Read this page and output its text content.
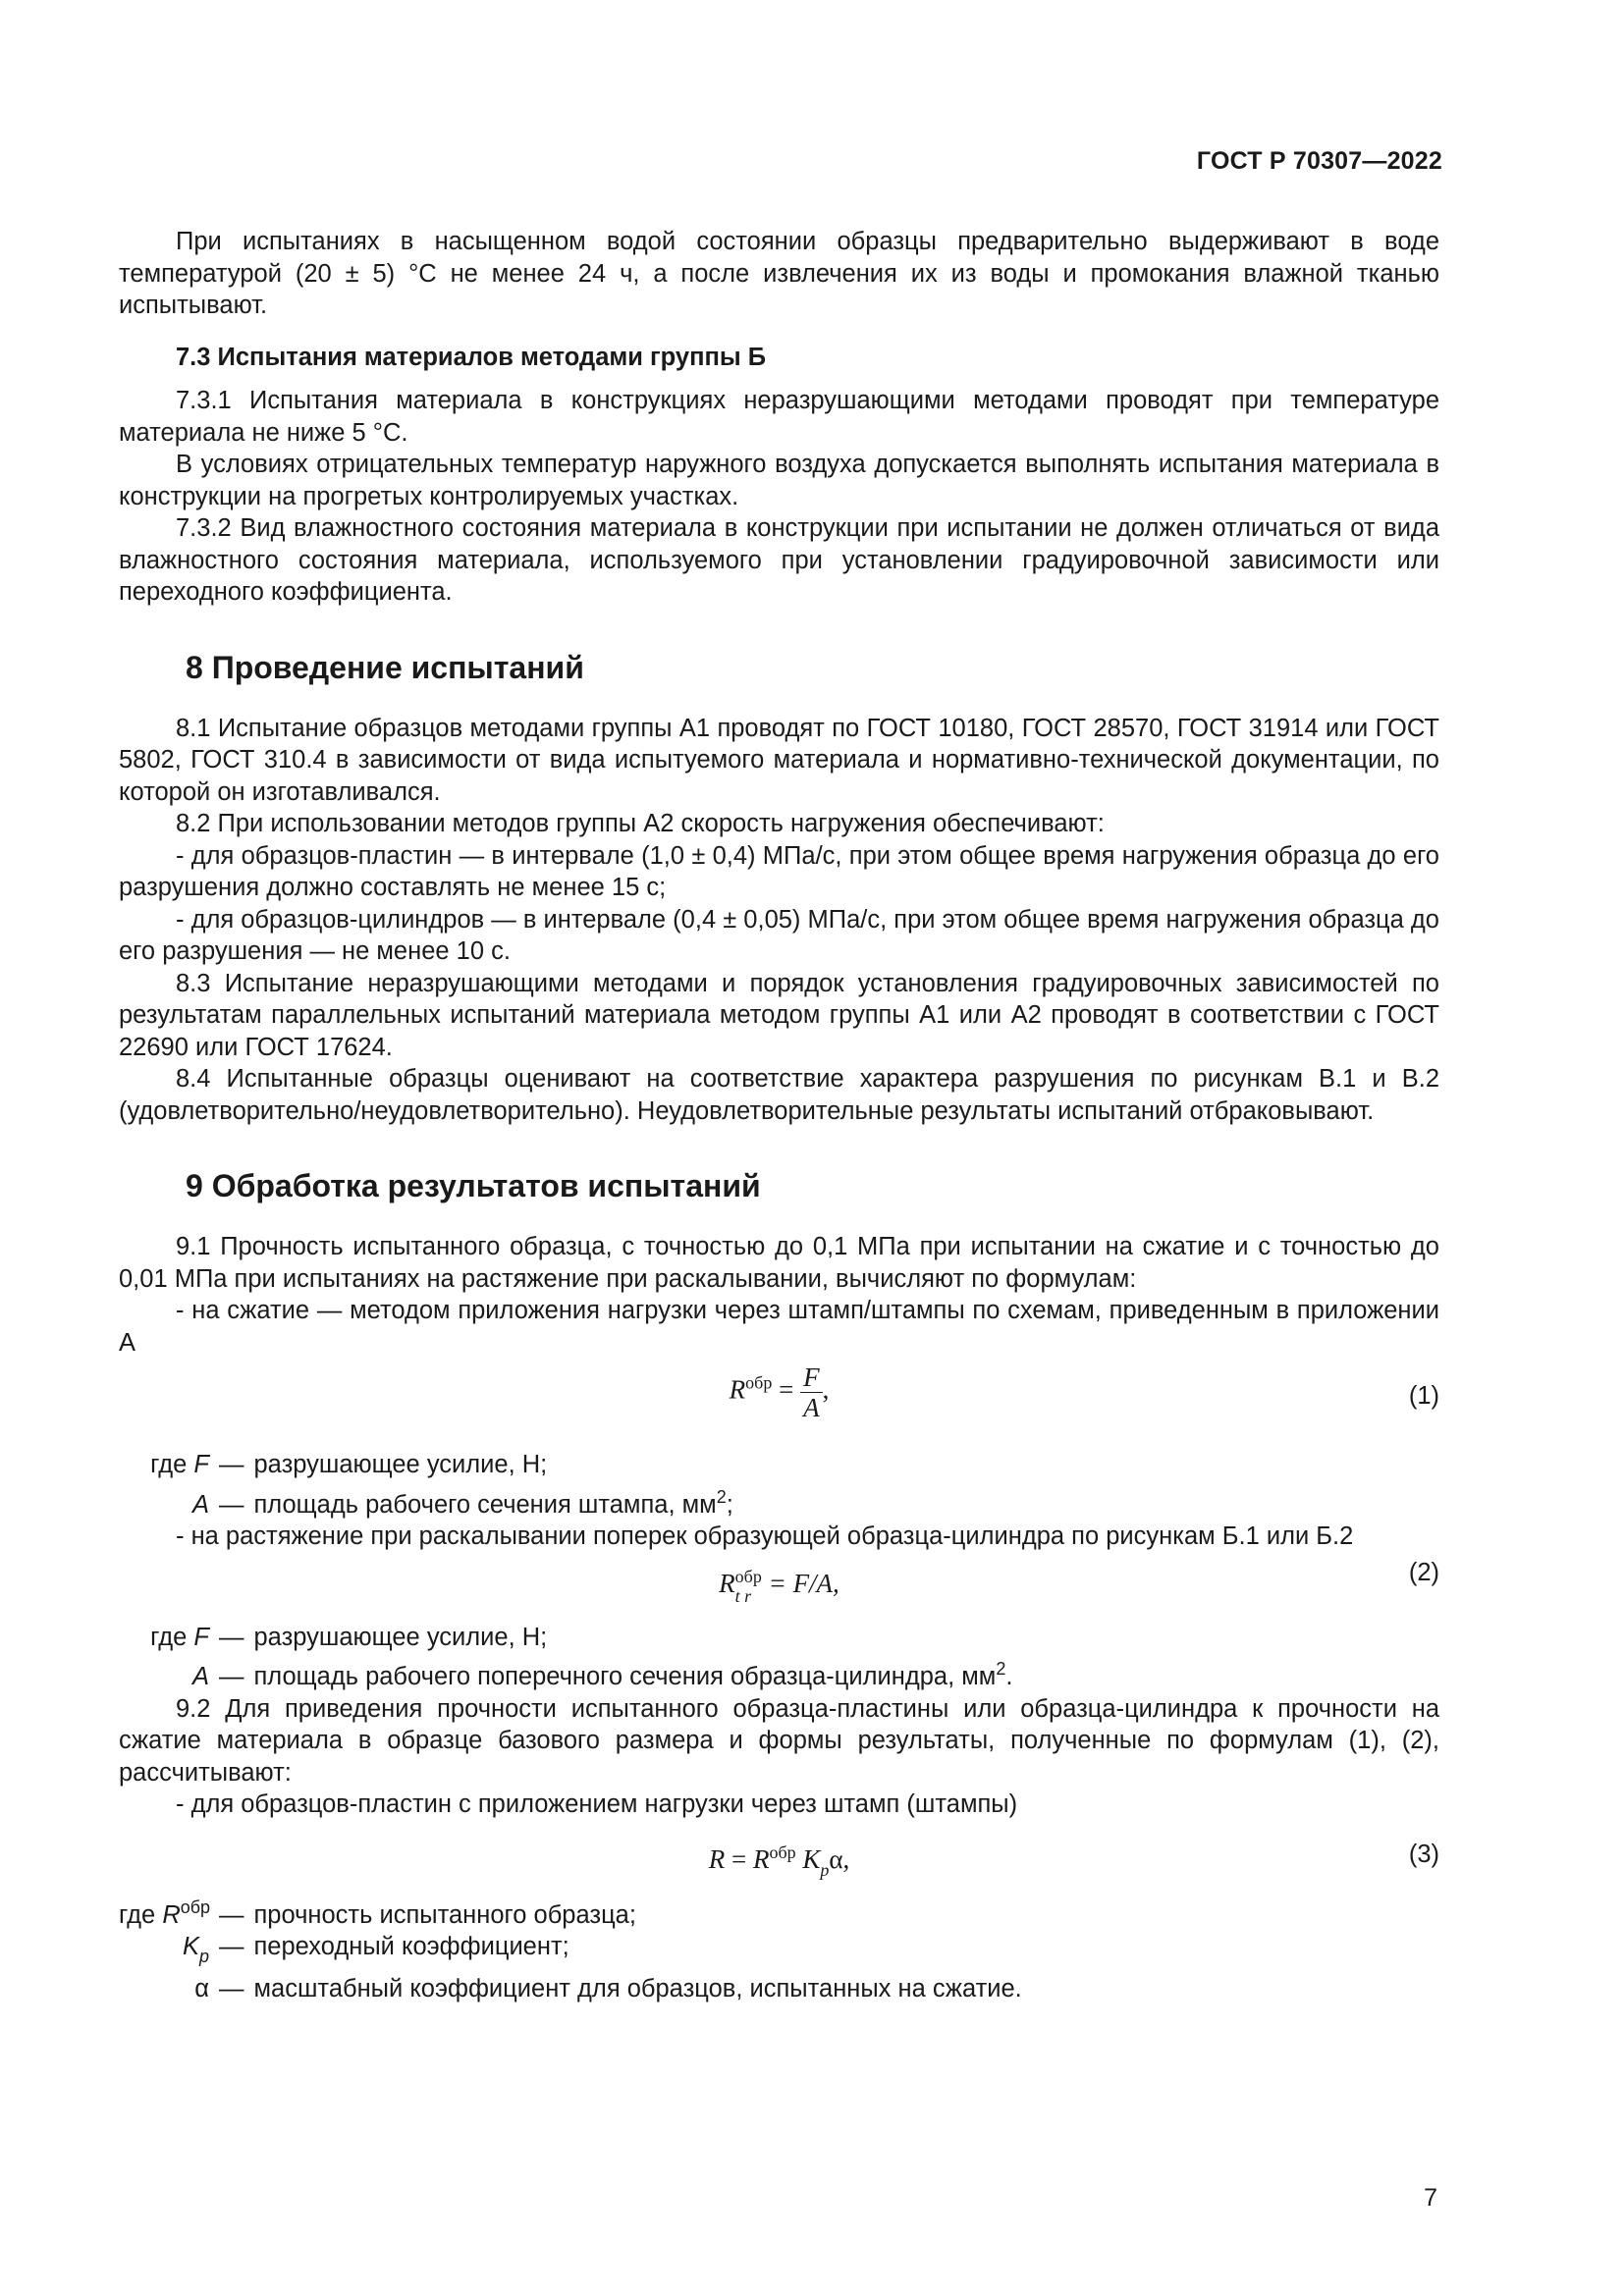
ГОСТ Р 70307—2022

При испытаниях в насыщенном водой состоянии образцы предварительно выдерживают в воде температурой (20 ± 5) °С не менее 24 ч, а после извлечения их из воды и промокания влажной тканью испытывают.

7.3 Испытания материалов методами группы Б

7.3.1 Испытания материала в конструкциях неразрушающими методами проводят при температуре материала не ниже 5 °С.

В условиях отрицательных температур наружного воздуха допускается выполнять испытания материала в конструкции на прогретых контролируемых участках.

7.3.2 Вид влажностного состояния материала в конструкции при испытании не должен отличаться от вида влажностного состояния материала, используемого при установлении градуировочной зависимости или переходного коэффициента.

8 Проведение испытаний

8.1 Испытание образцов методами группы А1 проводят по ГОСТ 10180, ГОСТ 28570, ГОСТ 31914 или ГОСТ 5802, ГОСТ 310.4 в зависимости от вида испытуемого материала и нормативно-технической документации, по которой он изготавливался.

8.2 При использовании методов группы А2 скорость нагружения обеспечивают:

- для образцов-пластин — в интервале (1,0 ± 0,4) МПа/с, при этом общее время нагружения образца до его разрушения должно составлять не менее 15 с;

- для образцов-цилиндров — в интервале (0,4 ± 0,05) МПа/с, при этом общее время нагружения образца до его разрушения — не менее 10 с.

8.3 Испытание неразрушающими методами и порядок установления градуировочных зависимостей по результатам параллельных испытаний материала методом группы А1 или А2 проводят в соответствии с ГОСТ 22690 или ГОСТ 17624.

8.4 Испытанные образцы оценивают на соответствие характера разрушения по рисункам В.1 и В.2 (удовлетворительно/неудовлетворительно). Неудовлетворительные результаты испытаний отбраковывают.

9 Обработка результатов испытаний

9.1 Прочность испытанного образца, с точностью до 0,1 МПа при испытании на сжатие и с точностью до 0,01 МПа при испытаниях на растяжение при раскалывании, вычисляют по формулам:

- на сжатие — методом приложения нагрузки через штамп/штампы по схемам, приведенным в приложении А

$R^{обр} = \frac{F}{A}$ ,	(1)
где F — разрушающее усилие, Н;
A — площадь рабочего сечения штампа, $мм^2$;

- на растяжение при раскалывании поперек образующей образца-цилиндра по рисункам Б.1 или Б.2

R обр
t r = F/A,	(2)
где F — разрушающее усилие, Н;
A — площадь рабочего поперечного сечения образца-цилиндра, $мм^2$.

9.2 Для приведения прочности испытанного образца-пластины или образца-цилиндра к прочности на сжатие материала в образце базового размера и формы результаты, полученные по формулам (1), (2), рассчитывают:

- для образцов-пластин с приложением нагрузки через штамп (штампы)

$R = R^{обр}$ $K_p\alpha$,	(3)
где $R^{обр}$ — прочность испытанного образца;
$K_p$ — переходный коэффициент;
α — масштабный коэффициент для образцов, испытанных на сжатие.
7
